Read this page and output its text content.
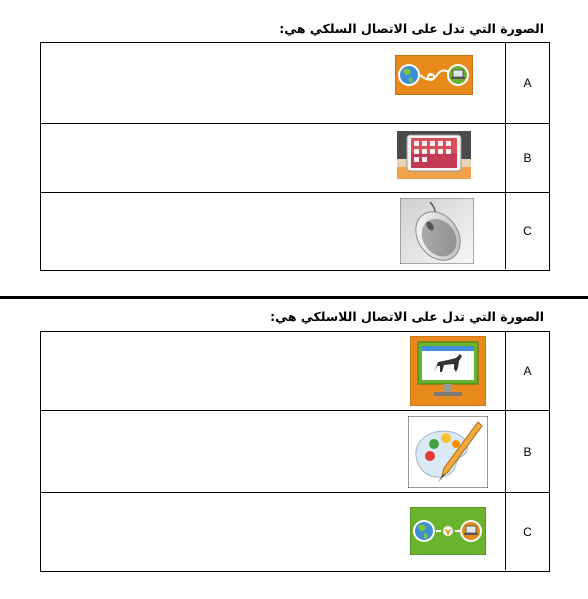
الصورة التي تدل على الاتصال السلكي هي:
A
B
C
الصورة التي تدل على الاتصال اللاسلكي هي:
A
B
C
